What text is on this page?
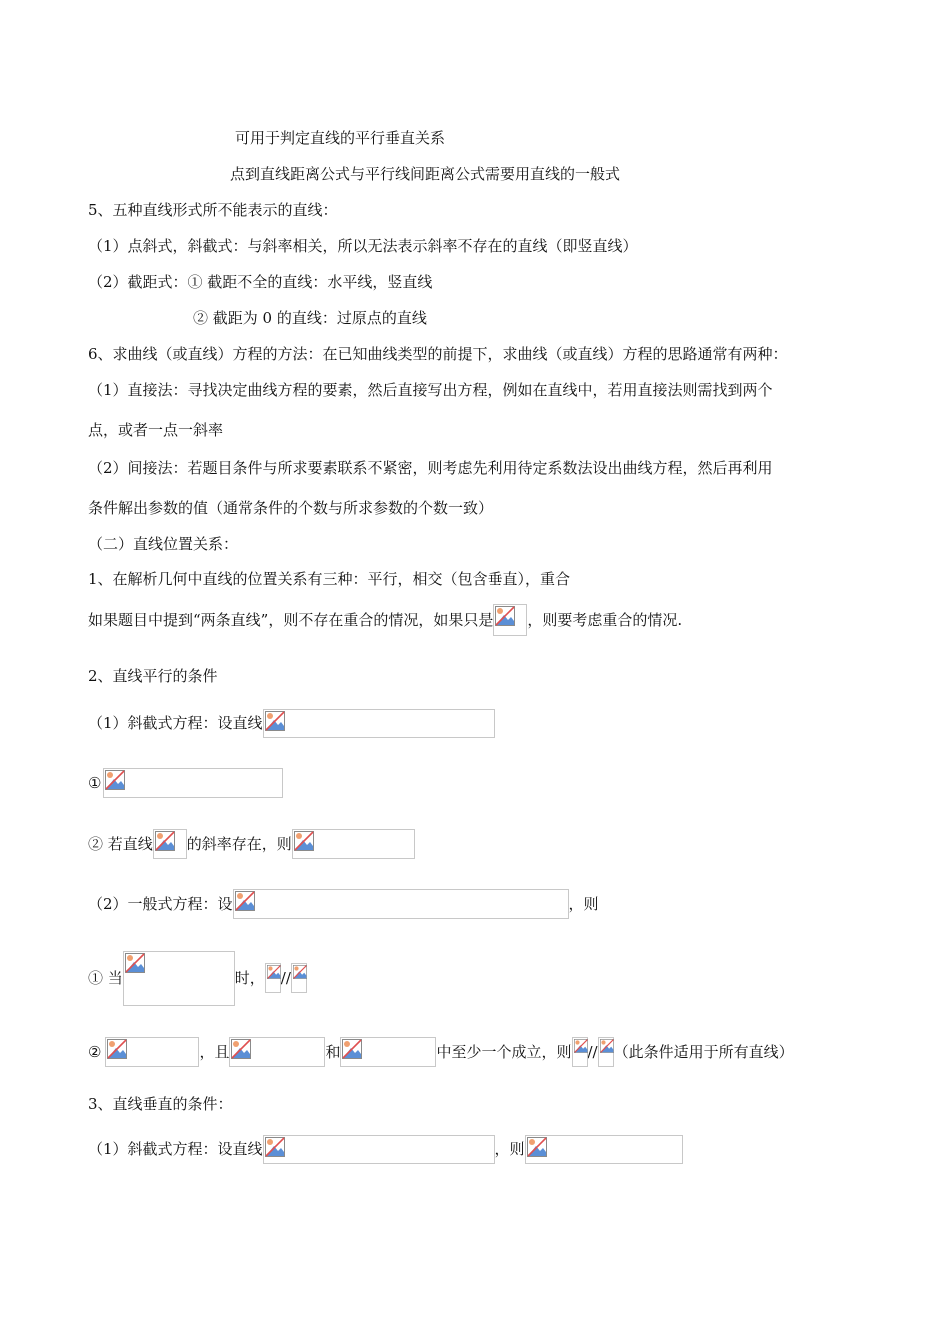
可用于判定直线的平行垂直关系
点到直线距离公式与平行线间距离公式需要用直线的一般式
5、五种直线形式所不能表示的直线：
（1）点斜式，斜截式：与斜率相关，所以无法表示斜率不存在的直线（即竖直线）
（2）截距式：① 截距不全的直线：水平线，竖直线
② 截距为 0 的直线：过原点的直线
6、求曲线（或直线）方程的方法：在已知曲线类型的前提下，求曲线（或直线）方程的思路通常有两种：
（1）直接法：寻找决定曲线方程的要素，然后直接写出方程，例如在直线中，若用直接法则需找到两个
点，或者一点一斜率
（2）间接法：若题目条件与所求要素联系不紧密，则考虑先利用待定系数法设出曲线方程，然后再利用
条件解出参数的值（通常条件的个数与所求参数的个数一致）
（二）直线位置关系：
1、在解析几何中直线的位置关系有三种：平行，相交（包含垂直），重合
如果题目中提到“两条直线”，则不存在重合的情况，如果只是 ，则要考虑重合的情况.
2、直线平行的条件
（1）斜截式方程：设直线
①
② 若直线 的斜率存在，则
（2）一般式方程：设	，则
① 当	时， //
②	，且	和	中至少一个成立，则 // （此条件适用于所有直线）
3、直线垂直的条件：
（1）斜截式方程：设直线	，则
